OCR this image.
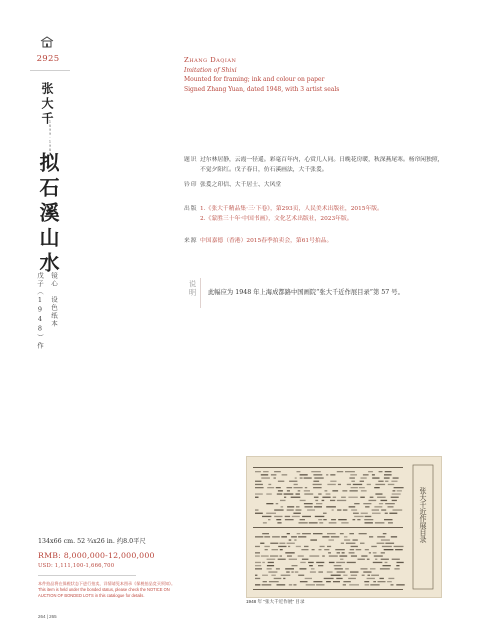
2925
张大千
1899-1983
拟石溪山水
镜心　设色纸本
戊子（1948）作
Zhang Daqian
Imitation of Shixi
Mounted for framing; ink and colour on paper
Signed Zhang Yuan, dated 1948, with 3 artist seals
题识 过尔林居静，云霞一径遥。彩毫百年内，心赏几人同。日晚花房暖，秋深燕尾寒。杨帘闲独照，不觉夕阳红。戊子春日，仿石溪画法，大千张爰。
钤印 张爰之印信、大千居士、大风堂
出版 1.《张大千精品集·三·下卷》，第293页，人民美术出版社，2015年版。
2.《蒙胜三十年·中国书画》，文化艺术出版社，2023年版。
来源 中国嘉德（香港）2015春季拍卖会，第61号拍品。
说明	此幅应为 1948 年上海成都路中国画院“张大千近作展目录”第 57 号。
134x66 cm. 52 ¾x26 in. 约8.0平尺
RMB: 8,000,000-12,000,000
USD: 1,111,100-1,666,700
本件拍品将在保税状态下进行拍卖，详情请见本图录《保税拍品竞买须知》。
This item is held under the bonded status, please check the NOTICE ON
AUCTION OF BONDED LOTS in this catalogue for details.
264 | 265
张大千近作展目录
1948 年 “张大千近作展” 目录
